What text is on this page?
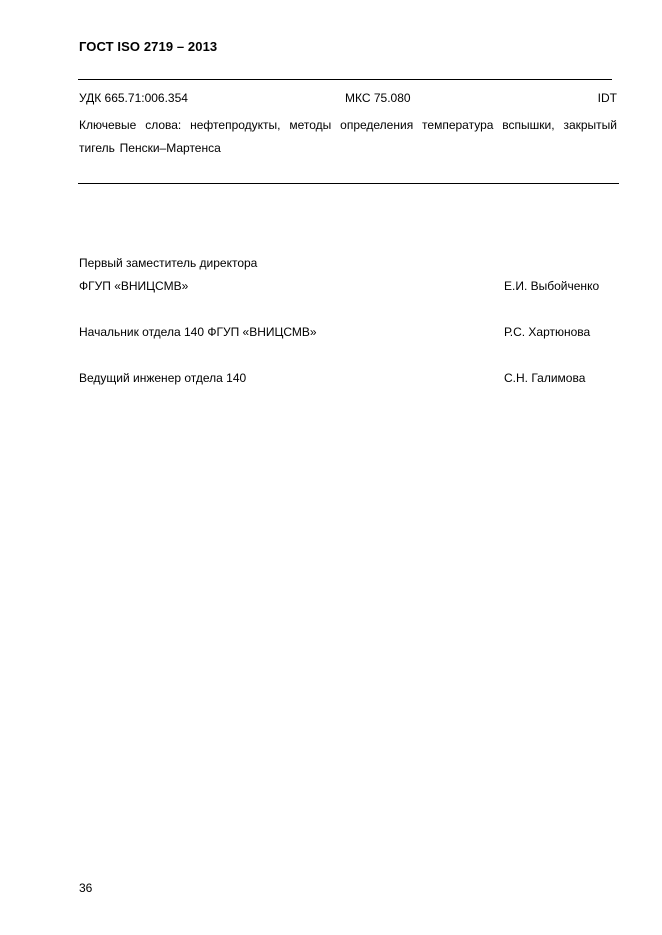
ГОСТ ISO 2719 – 2013
УДК 665.71:006.354	МКС 75.080	IDT
Ключевые слова: нефтепродукты, методы определения температура вспышки, закрытый тигель Пенски–Мартенса
Первый заместитель директора
ФГУП «ВНИЦСМВ»	Е.И. Выбойченко
Начальник отдела 140 ФГУП «ВНИЦСМВ»	Р.С. Хартюнова
Ведущий инженер отдела 140	С.Н. Галимова
36
